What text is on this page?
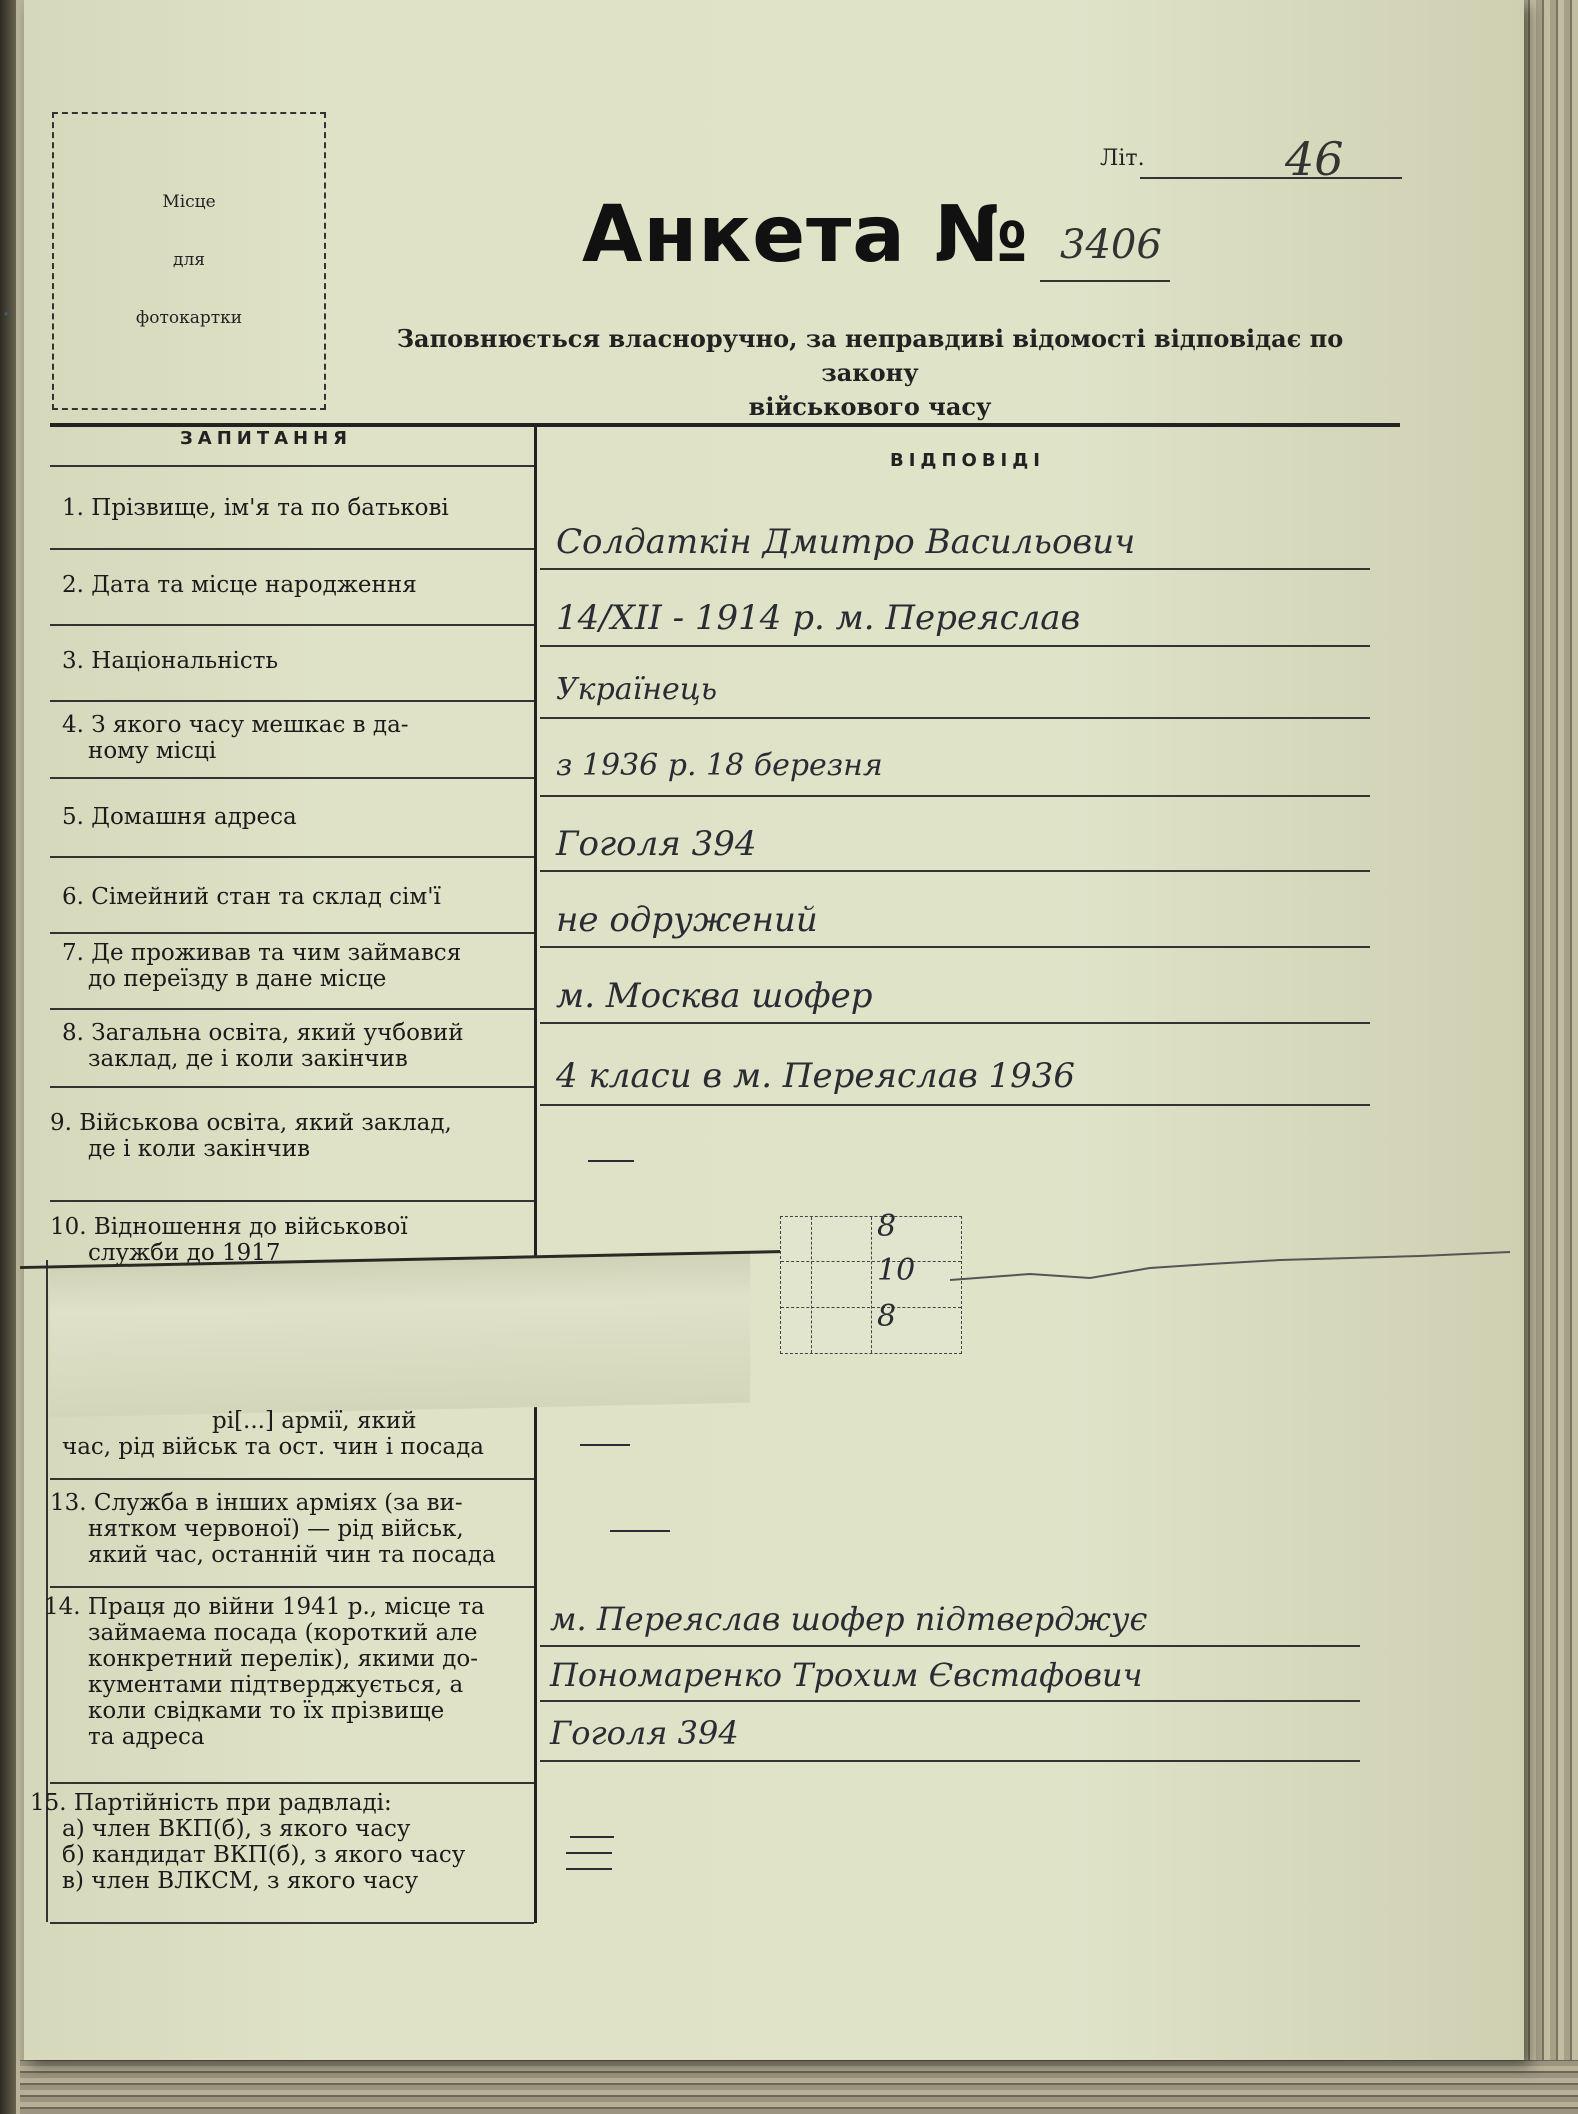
·
Місце
для
фотокартки
Літ.	46
Анкета № 3406
Заповнюється власноручно, за неправдиві відомості відповідає по закону
військового часу
ЗАПИТАННЯ
ВІДПОВІДІ
1. Прізвище, ім'я та по батькові
2. Дата та місце народження
3. Національність
4. З якого часу мешкає в да-
ному місці
5. Домашня адреса
6. Сімейний стан та склад сім'ї
7. Де проживав та чим займався
до переїзду в дане місце
8. Загальна освіта, який учбовий
заклад, де і коли закінчив
9. Військова освіта, який заклад,
де і коли закінчив
10. Відношення до військової
служби до 1917
8
10
8
рі[...] армії, який
час, рід військ та ост. чин і посада
13. Служба в інших арміях (за ви-
нятком червоної) — рід військ,
який час, останній чин та посада
14. Праця до війни 1941 р., місце та
займаема посада (короткий але
конкретний перелік), якими до-
кументами підтверджується, а
коли свідками то їх прізвище
та адреса
15. Партійність при радвладі:
а) член ВКП(б), з якого часу
б) кандидат ВКП(б), з якого часу
в) член ВЛКСМ, з якого часу
Солдаткін Дмитро Васильович
14/XII - 1914 р. м. Переяслав
Українець
з 1936 р. 18 березня
Гоголя 394
не одружений
м. Москва шофер
4 класи в м. Переяслав 1936
м. Переяслав шофер підтверджує
Пономаренко Трохим Євстафович
Гоголя 394
